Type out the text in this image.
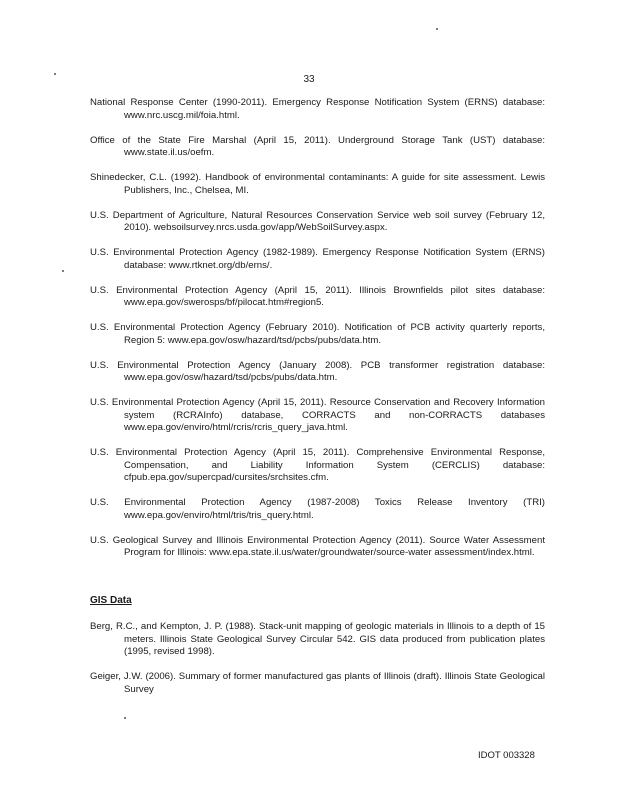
33
National Response Center (1990-2011). Emergency Response Notification System (ERNS) database: www.nrc.uscg.mil/foia.html.
Office of the State Fire Marshal (April 15, 2011). Underground Storage Tank (UST) database: www.state.il.us/oefm.
Shinedecker, C.L. (1992). Handbook of environmental contaminants: A guide for site assessment. Lewis Publishers, Inc., Chelsea, MI.
U.S. Department of Agriculture, Natural Resources Conservation Service web soil survey (February 12, 2010). websoilsurvey.nrcs.usda.gov/app/WebSoilSurvey.aspx.
U.S. Environmental Protection Agency (1982-1989). Emergency Response Notification System (ERNS) database: www.rtknet.org/db/erns/.
U.S. Environmental Protection Agency (April 15, 2011). Illinois Brownfields pilot sites database: www.epa.gov/swerosps/bf/pilocat.htm#region5.
U.S. Environmental Protection Agency (February 2010). Notification of PCB activity quarterly reports, Region 5: www.epa.gov/osw/hazard/tsd/pcbs/pubs/data.htm.
U.S. Environmental Protection Agency (January 2008). PCB transformer registration database: www.epa.gov/osw/hazard/tsd/pcbs/pubs/data.htm.
U.S. Environmental Protection Agency (April 15, 2011). Resource Conservation and Recovery Information system (RCRAInfo) database, CORRACTS and non-CORRACTS databases www.epa.gov/enviro/html/rcris/rcris_query_java.html.
U.S. Environmental Protection Agency (April 15, 2011). Comprehensive Environmental Response, Compensation, and Liability Information System (CERCLIS) database: cfpub.epa.gov/supercpad/cursites/srchsites.cfm.
U.S. Environmental Protection Agency (1987-2008) Toxics Release Inventory (TRI) www.epa.gov/enviro/html/tris/tris_query.html.
U.S. Geological Survey and Illinois Environmental Protection Agency (2011). Source Water Assessment Program for Illinois: www.epa.state.il.us/water/groundwater/source-water assessment/index.html.
GIS Data
Berg, R.C., and Kempton, J. P. (1988). Stack-unit mapping of geologic materials in Illinois to a depth of 15 meters. Illinois State Geological Survey Circular 542. GIS data produced from publication plates (1995, revised 1998).
Geiger, J.W. (2006). Summary of former manufactured gas plants of Illinois (draft). Illinois State Geological Survey
IDOT 003328
